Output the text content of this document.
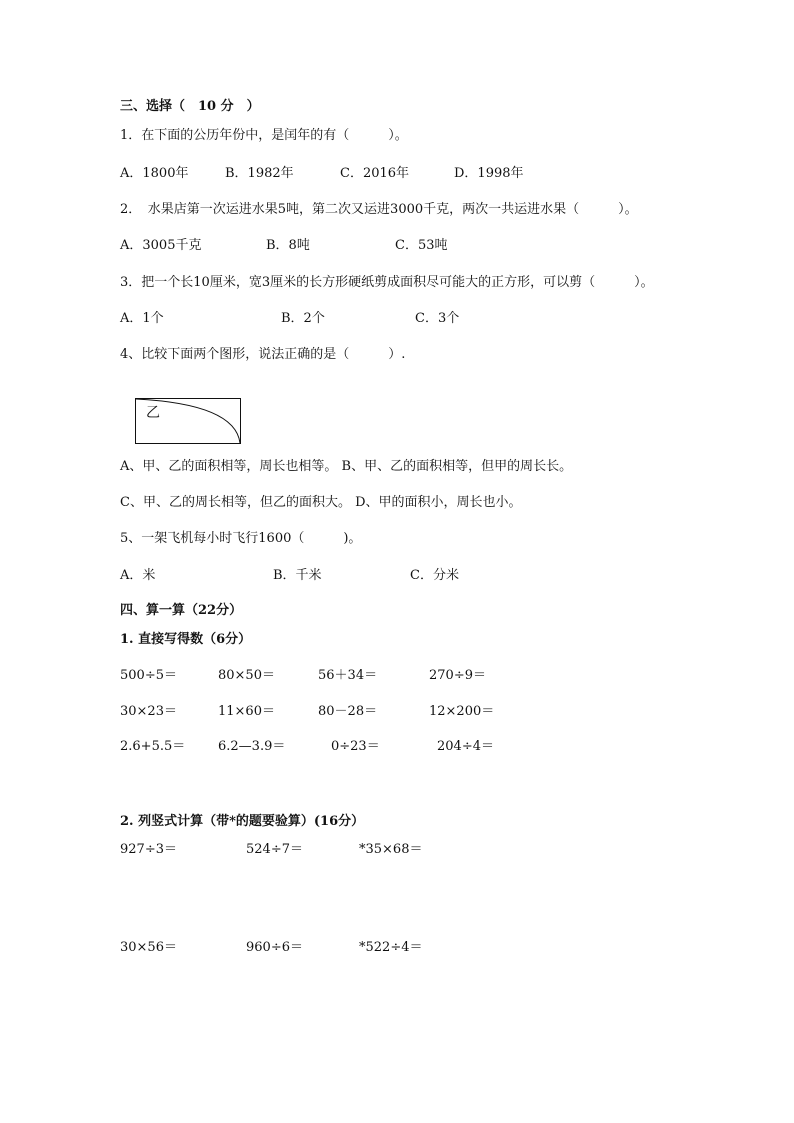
三、选择（　10 分　）
1．在下面的公历年份中，是闰年的有（　　　）。
A．1800年	B．1982年	C．2016年	D．1998年
2．　水果店第一次运进水果5吨，第二次又运进3000千克，两次一共运进水果（　　　）。
A．3005千克	B．8吨	C．53吨
3．把一个长10厘米，宽3厘米的长方形硬纸剪成面积尽可能大的正方形，可以剪（　　　）。
A．1个	B．2个	C．3个
4、比较下面两个图形，说法正确的是（　　　）.
乙
A、甲、乙的面积相等，周长也相等。 B、甲、乙的面积相等，但甲的周长长。
C、甲、乙的周长相等，但乙的面积大。 D、甲的面积小，周长也小。
5、一架飞机每小时飞行1600（　　　)。
A．米	B．千米	C．分米
四、算一算（22分）
1. 直接写得数（6分）
500÷5＝	80×50＝	56＋34＝	270÷9＝
30×23＝	11×60＝	80－28＝	12×200＝
2.6+5.5＝	6.2—3.9＝	0÷23＝	204÷4＝
2. 列竖式计算（带*的题要验算）(16分）
927÷3＝	524÷7＝	*35×68＝
30×56＝	960÷6＝	*522÷4＝
